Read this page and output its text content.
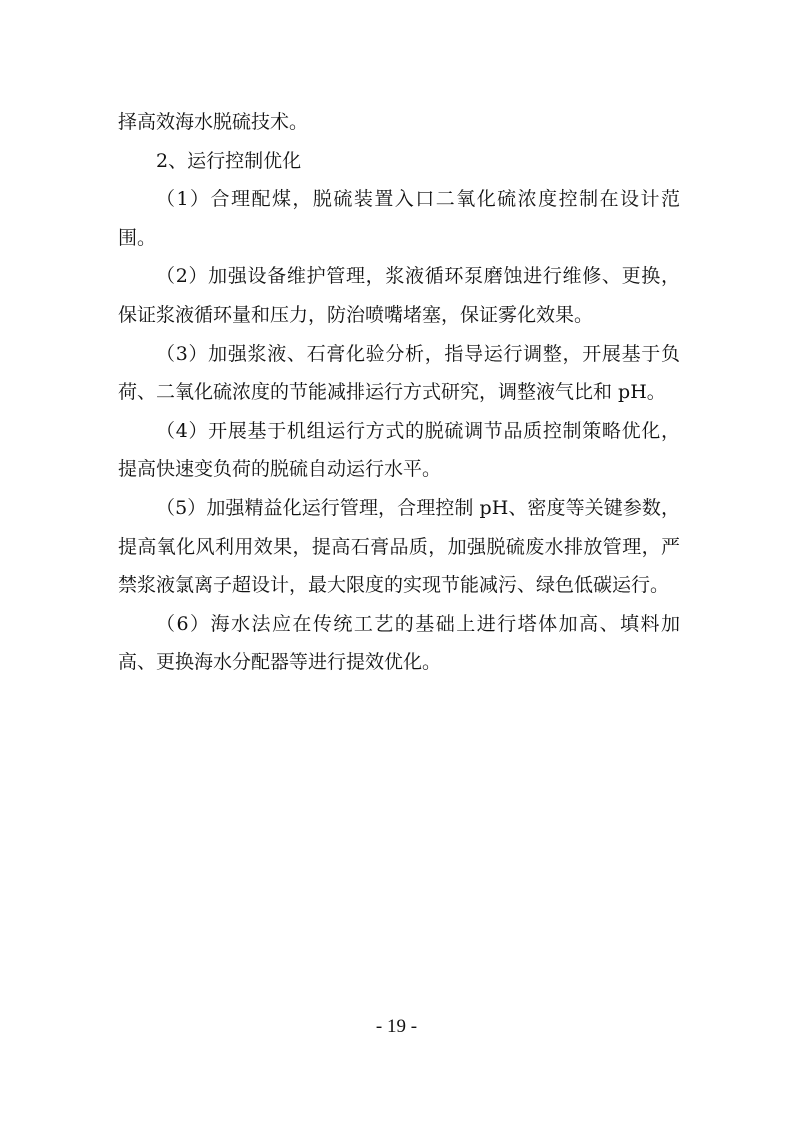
择高效海水脱硫技术。

2、运行控制优化

（1）合理配煤，脱硫装置入口二氧化硫浓度控制在设计范围。

（2）加强设备维护管理，浆液循环泵磨蚀进行维修、更换，保证浆液循环量和压力，防治喷嘴堵塞，保证雾化效果。

（3）加强浆液、石膏化验分析，指导运行调整，开展基于负荷、二氧化硫浓度的节能减排运行方式研究，调整液气比和 pH。

（4）开展基于机组运行方式的脱硫调节品质控制策略优化，提高快速变负荷的脱硫自动运行水平。

（5）加强精益化运行管理，合理控制 pH、密度等关键参数，提高氧化风利用效果，提高石膏品质，加强脱硫废水排放管理，严禁浆液氯离子超设计，最大限度的实现节能减污、绿色低碳运行。

（6）海水法应在传统工艺的基础上进行塔体加高、填料加高、更换海水分配器等进行提效优化。

- 19 -
